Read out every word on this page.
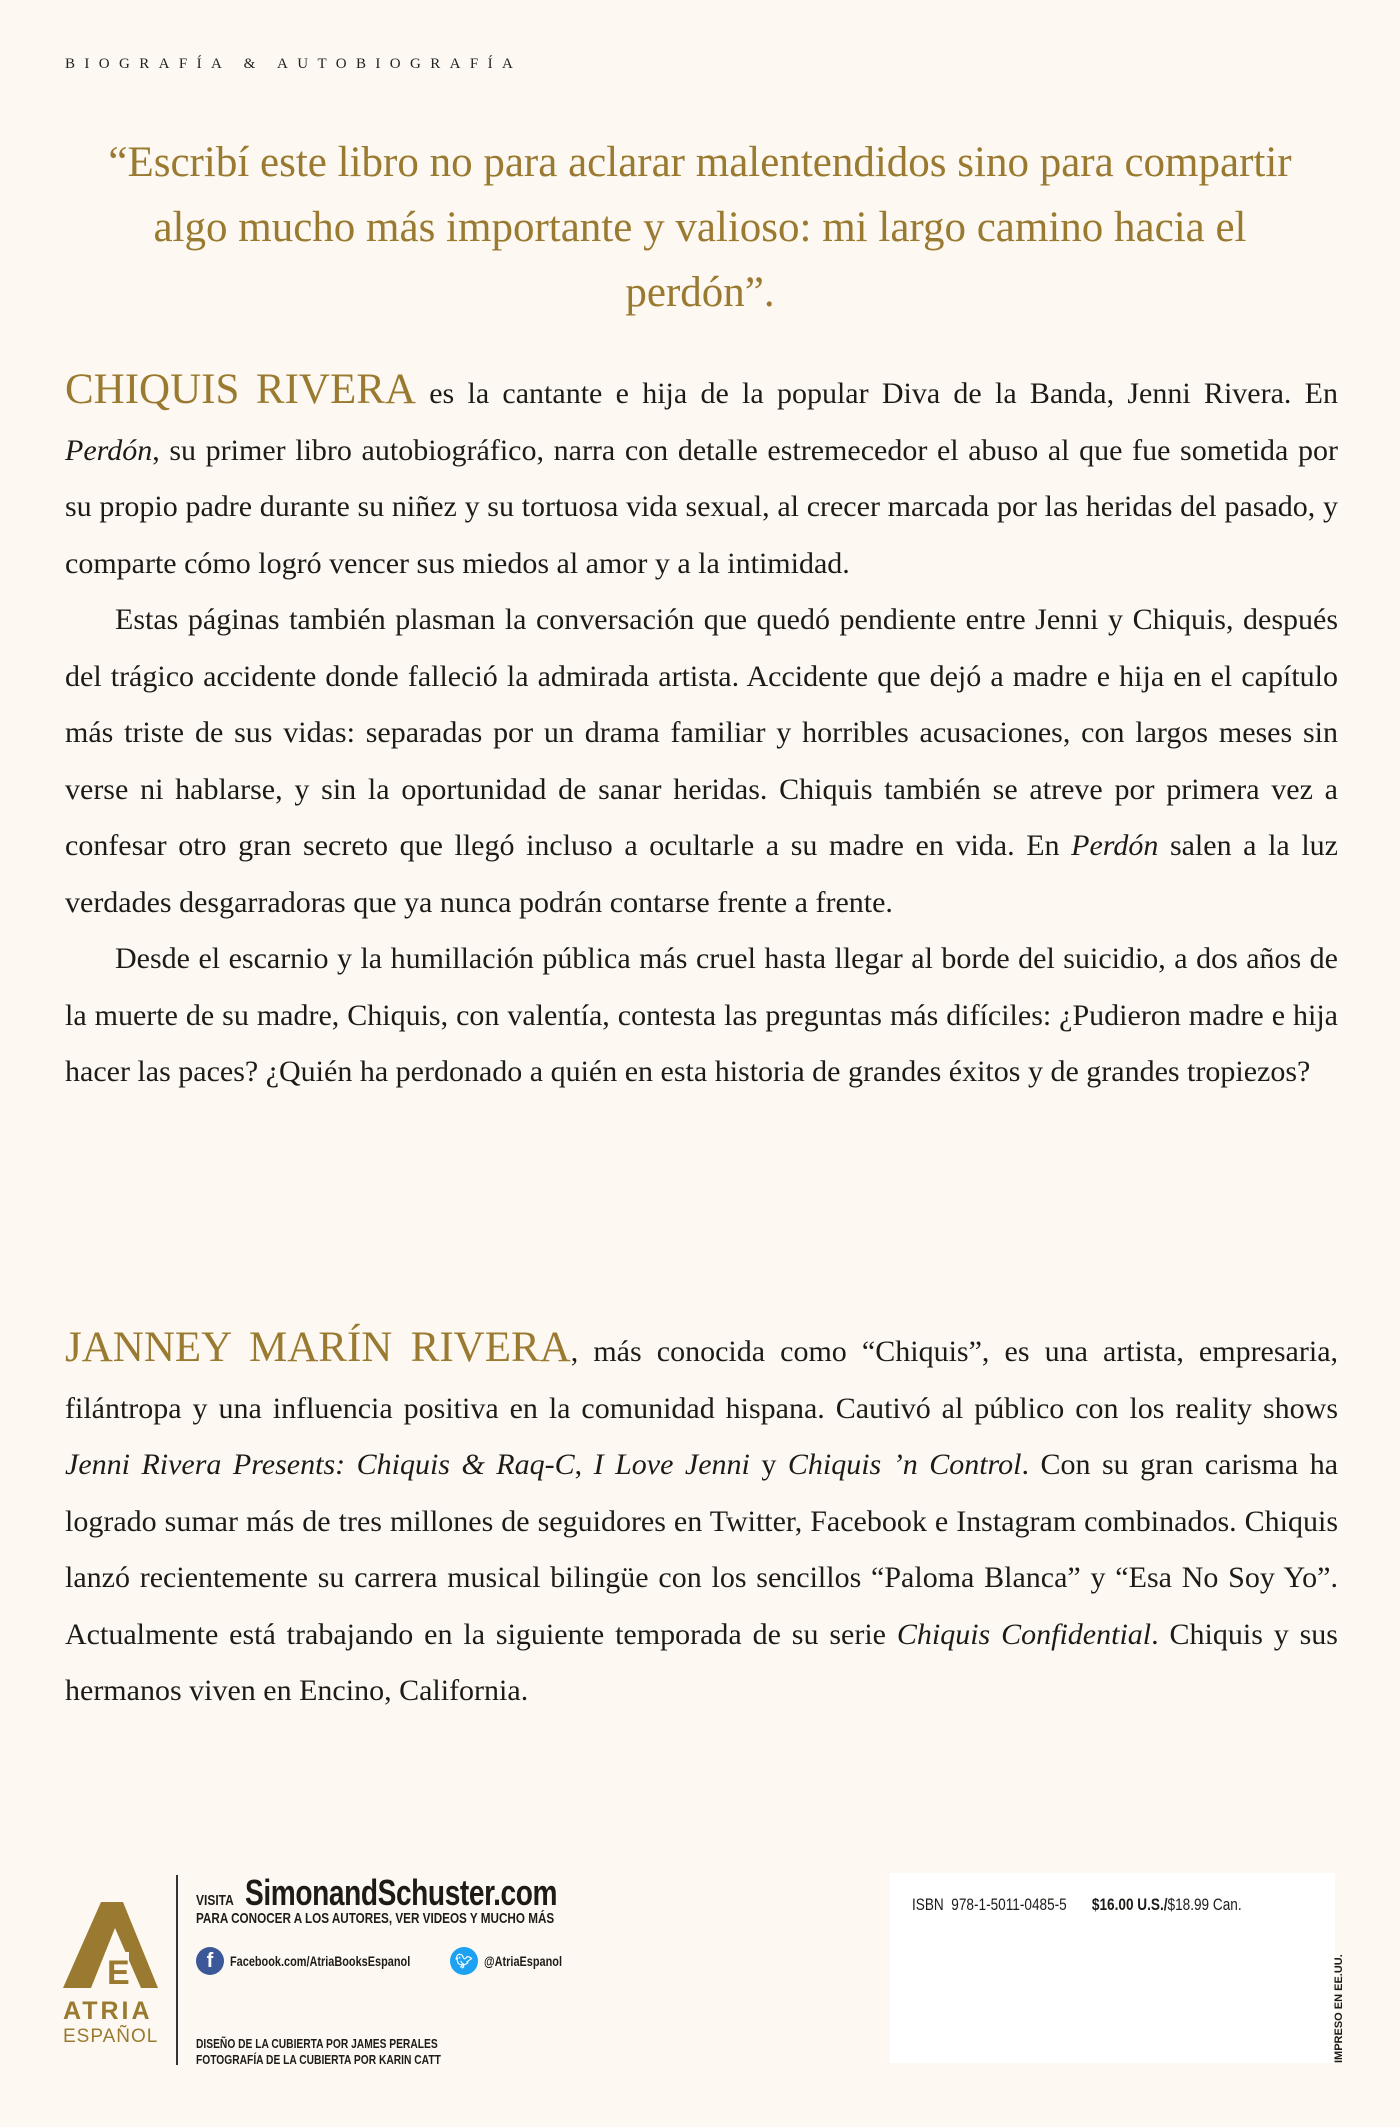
BIOGRAFÍA & AUTOBIOGRAFÍA
“Escribí este libro no para aclarar malentendidos sino para compartir algo mucho más importante y valioso: mi largo camino hacia el perdón”.

CHIQUIS RIVERA es la cantante e hija de la popular Diva de la Banda, Jenni Rivera. En Perdón, su primer libro autobiográfico, narra con detalle estremecedor el abuso al que fue sometida por su propio padre durante su niñez y su tortuosa vida sexual, al crecer marcada por las heridas del pasado, y comparte cómo logró vencer sus miedos al amor y a la intimidad.

Estas páginas también plasman la conversación que quedó pendiente entre Jenni y Chiquis, después del trágico accidente donde falleció la admirada artista. Accidente que dejó a madre e hija en el capítulo más triste de sus vidas: separadas por un drama familiar y horribles acusaciones, con largos meses sin verse ni hablarse, y sin la oportunidad de sanar heridas. Chiquis también se atreve por primera vez a confesar otro gran secreto que llegó incluso a ocultarle a su madre en vida. En Perdón salen a la luz verdades desgarradoras que ya nunca podrán contarse frente a frente.

Desde el escarnio y la humillación pública más cruel hasta llegar al borde del suicidio, a dos años de la muerte de su madre, Chiquis, con valentía, contesta las preguntas más difíciles: ¿Pudieron madre e hija hacer las paces? ¿Quién ha perdonado a quién en esta historia de grandes éxitos y de grandes tropiezos?

JANNEY MARÍN RIVERA, más conocida como “Chiquis”, es una artista, empresaria, filántropa y una influencia positiva en la comunidad hispana. Cautivó al público con los reality shows Jenni Rivera Presents: Chiquis & Raq-C, I Love Jenni y Chiquis ’n Control. Con su gran carisma ha logrado sumar más de tres millones de seguidores en Twitter, Facebook e Instagram combinados. Chiquis lanzó recientemente su carrera musical bilingüe con los sencillos “Paloma Blanca” y “Esa No Soy Yo”. Actualmente está trabajando en la siguiente temporada de su serie Chiquis Confidential. Chiquis y sus hermanos viven en Encino, California.

E
ATRIA
ESPAÑOL
VISITA SimonandSchuster.com
PARA CONOCER A LOS AUTORES, VER VIDEOS Y MUCHO MÁS
f	Facebook.com/AtriaBooksEspanol	🐦︎ @AtriaEspanol
DISEÑO DE LA CUBIERTA POR JAMES PERALES
FOTOGRAFÍA DE LA CUBIERTA POR KARIN CATT
ISBN  978-1-5011-0485-5 $16.00 U.S./$18.99 Can.
IMPRESO EN EE.UU.
